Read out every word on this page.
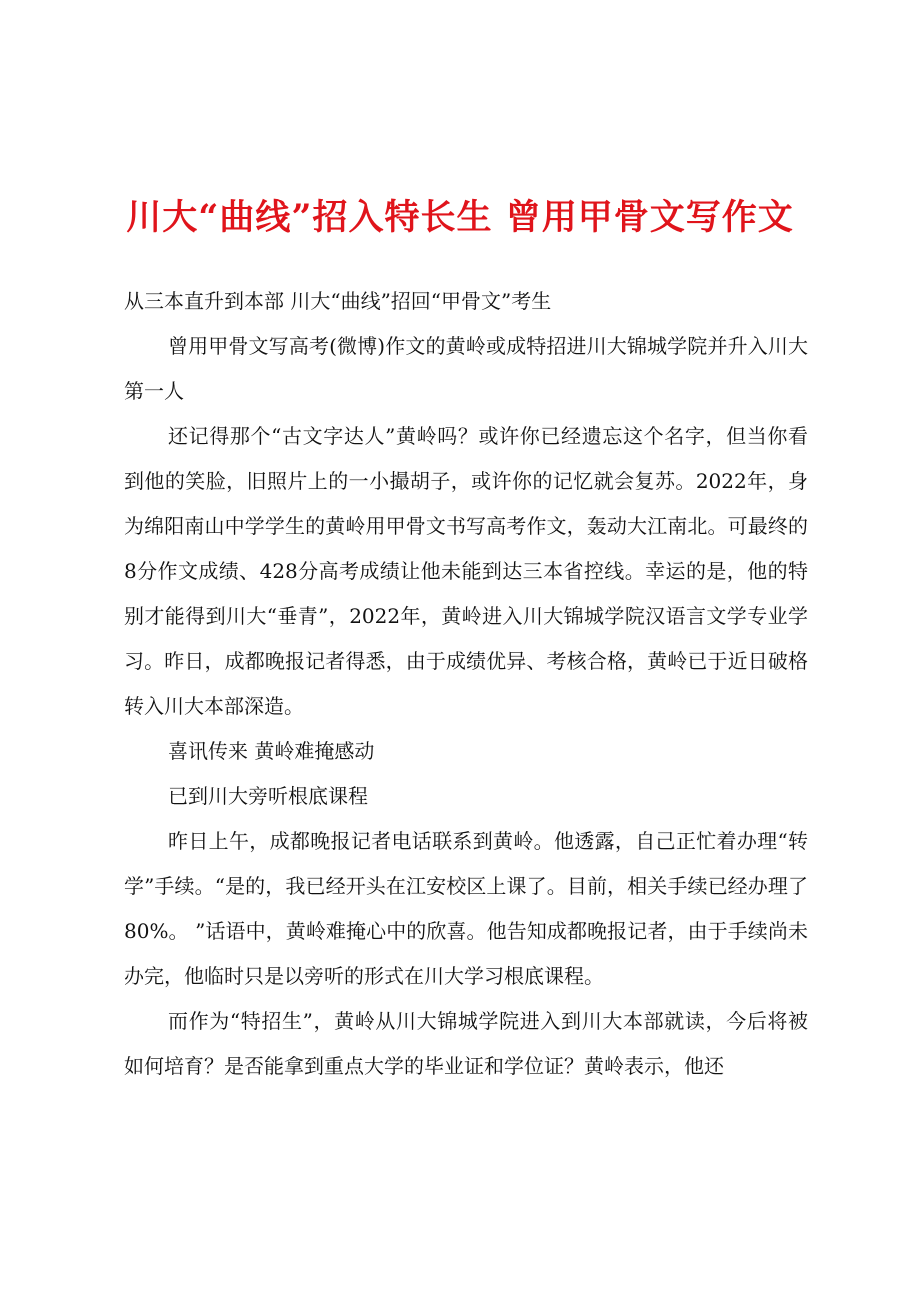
川大“曲线”招入特长生 曾用甲骨文写作文

从三本直升到本部 川大“曲线”招回“甲骨文”考生

曾用甲骨文写高考(微博)作文的黄岭或成特招进川大锦城学院并升入川大第一人

还记得那个“古文字达人”黄岭吗？或许你已经遗忘这个名字，但当你看到他的笑脸，旧照片上的一小撮胡子，或许你的记忆就会复苏。2022年，身为绵阳南山中学学生的黄岭用甲骨文书写高考作文，轰动大江南北。可最终的8分作文成绩、428分高考成绩让他未能到达三本省控线。幸运的是，他的特别才能得到川大“垂青”，2022年，黄岭进入川大锦城学院汉语言文学专业学习。昨日，成都晚报记者得悉，由于成绩优异、考核合格，黄岭已于近日破格转入川大本部深造。

喜讯传来 黄岭难掩感动

已到川大旁听根底课程

昨日上午，成都晚报记者电话联系到黄岭。他透露，自己正忙着办理“转学”手续。“是的，我已经开头在江安校区上课了。目前，相关手续已经办理了80%。 ”话语中，黄岭难掩心中的欣喜。他告知成都晚报记者，由于手续尚未办完，他临时只是以旁听的形式在川大学习根底课程。

而作为“特招生”，黄岭从川大锦城学院进入到川大本部就读，今后将被如何培育？是否能拿到重点大学的毕业证和学位证？黄岭表示，他还
